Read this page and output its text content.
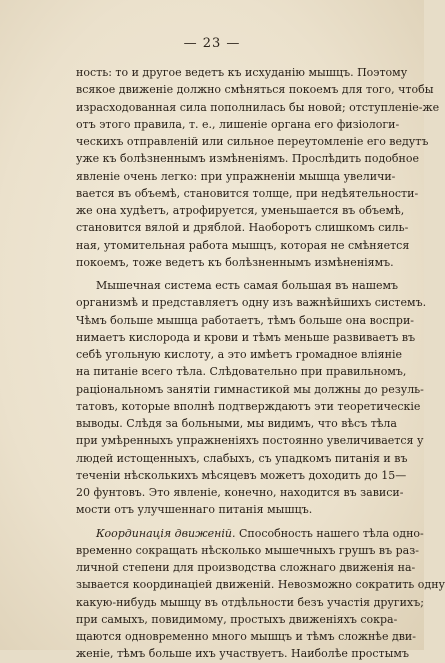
— 23 —
ность: то и другое ведетъ къ исхуданію мышцъ. Поэтому
всякое движеніе должно смѣняться покоемъ для того, чтобы
израсходованная сила пополнилась бы новой; отступленіе-же
отъ этого правила, т. е., лишеніе органа его физіологи-
ческихъ отправленій или сильное переутомленіе его ведутъ
уже къ болѣзненнымъ измѣненіямъ. Прослѣдить подобное
явленіе очень легко: при упражненіи мышца увеличи-
вается въ объемѣ, становится толще, при недѣятельности-
же она худѣетъ, атрофируется, уменьшается въ объемѣ,
становится вялой и дряблой. Наоборотъ слишкомъ силь-
ная, утомительная работа мышцъ, которая не смѣняется
покоемъ, тоже ведетъ къ болѣзненнымъ измѣненіямъ.
Мышечная система есть самая большая въ нашемъ
организмѣ и представляетъ одну изъ важнѣйшихъ системъ.
Чѣмъ больше мышца работаетъ, тѣмъ больше она воспри-
нимаетъ кислорода и крови и тѣмъ меньше развиваетъ въ
себѣ угольную кислоту, а это имѣетъ громадное вліяніе
на питаніе всего тѣла. Слѣдовательно при правильномъ,
раціональномъ занятіи гимнастикой мы должны до резуль-
татовъ, которые вполнѣ подтверждаютъ эти теоретическіе
выводы. Слѣдя за больными, мы видимъ, что вѣсъ тѣла
при умѣренныхъ упражненіяхъ постоянно увеличивается у
людей истощенныхъ, слабыхъ, съ упадкомъ питанія и въ
теченіи нѣсколькихъ мѣсяцевъ можетъ доходить до 15—
20 фунтовъ. Это явленіе, конечно, находится въ зависи-
мости отъ улучшеннаго питанія мышцъ.
Координація движеній. Способность нашего тѣла одно-
временно сокращать нѣсколько мышечныхъ грушъ въ раз-
личной степени для производства сложнаго движенія на-
зывается координаціей движеній. Невозможно сократить одну
какую-нибудь мышцу въ отдѣльности безъ участія другихъ;
при самыхъ, повидимому, простыхъ движеніяхъ сокра-
щаются одновременно много мышцъ и тѣмъ сложнѣе дви-
женіе, тѣмъ больше ихъ участвуетъ. Наиболѣе простымъ
